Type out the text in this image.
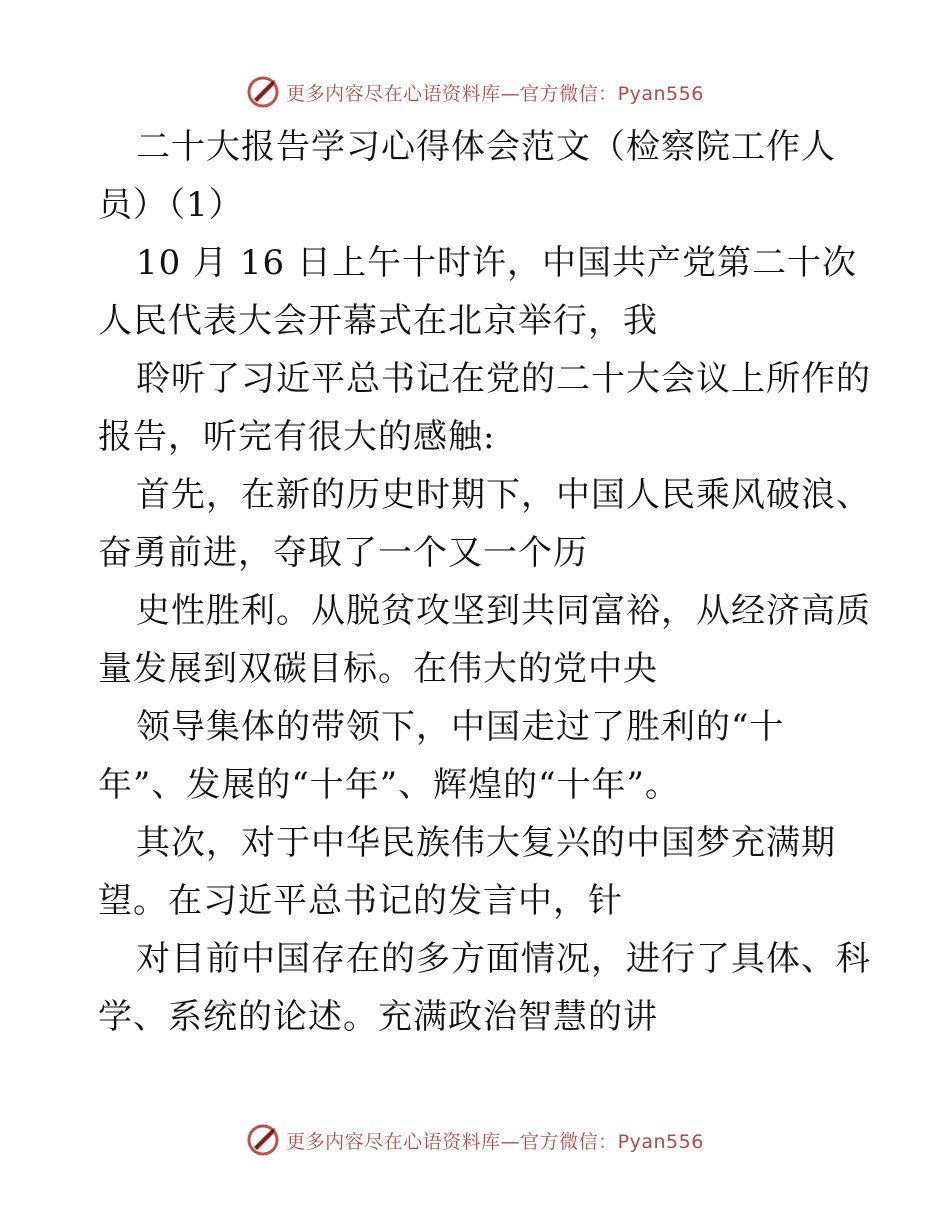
更多内容尽在心语资料库—官方微信：Pyan556
二十大报告学习心得体会范文（检察院工作人
员）（1）
10 月 16 日上午十时许，中国共产党第二十次
人民代表大会开幕式在北京举行，我
聆听了习近平总书记在党的二十大会议上所作的
报告，听完有很大的感触:
首先，在新的历史时期下，中国人民乘风破浪、
奋勇前进，夺取了一个又一个历
史性胜利。从脱贫攻坚到共同富裕，从经济高质
量发展到双碳目标。在伟大的党中央
领导集体的带领下，中国走过了胜利的“十
年”、发展的“十年”、辉煌的“十年”。
其次，对于中华民族伟大复兴的中国梦充满期
望。在习近平总书记的发言中，针
对目前中国存在的多方面情况，进行了具体、科
学、系统的论述。充满政治智慧的讲
更多内容尽在心语资料库—官方微信：Pyan556
